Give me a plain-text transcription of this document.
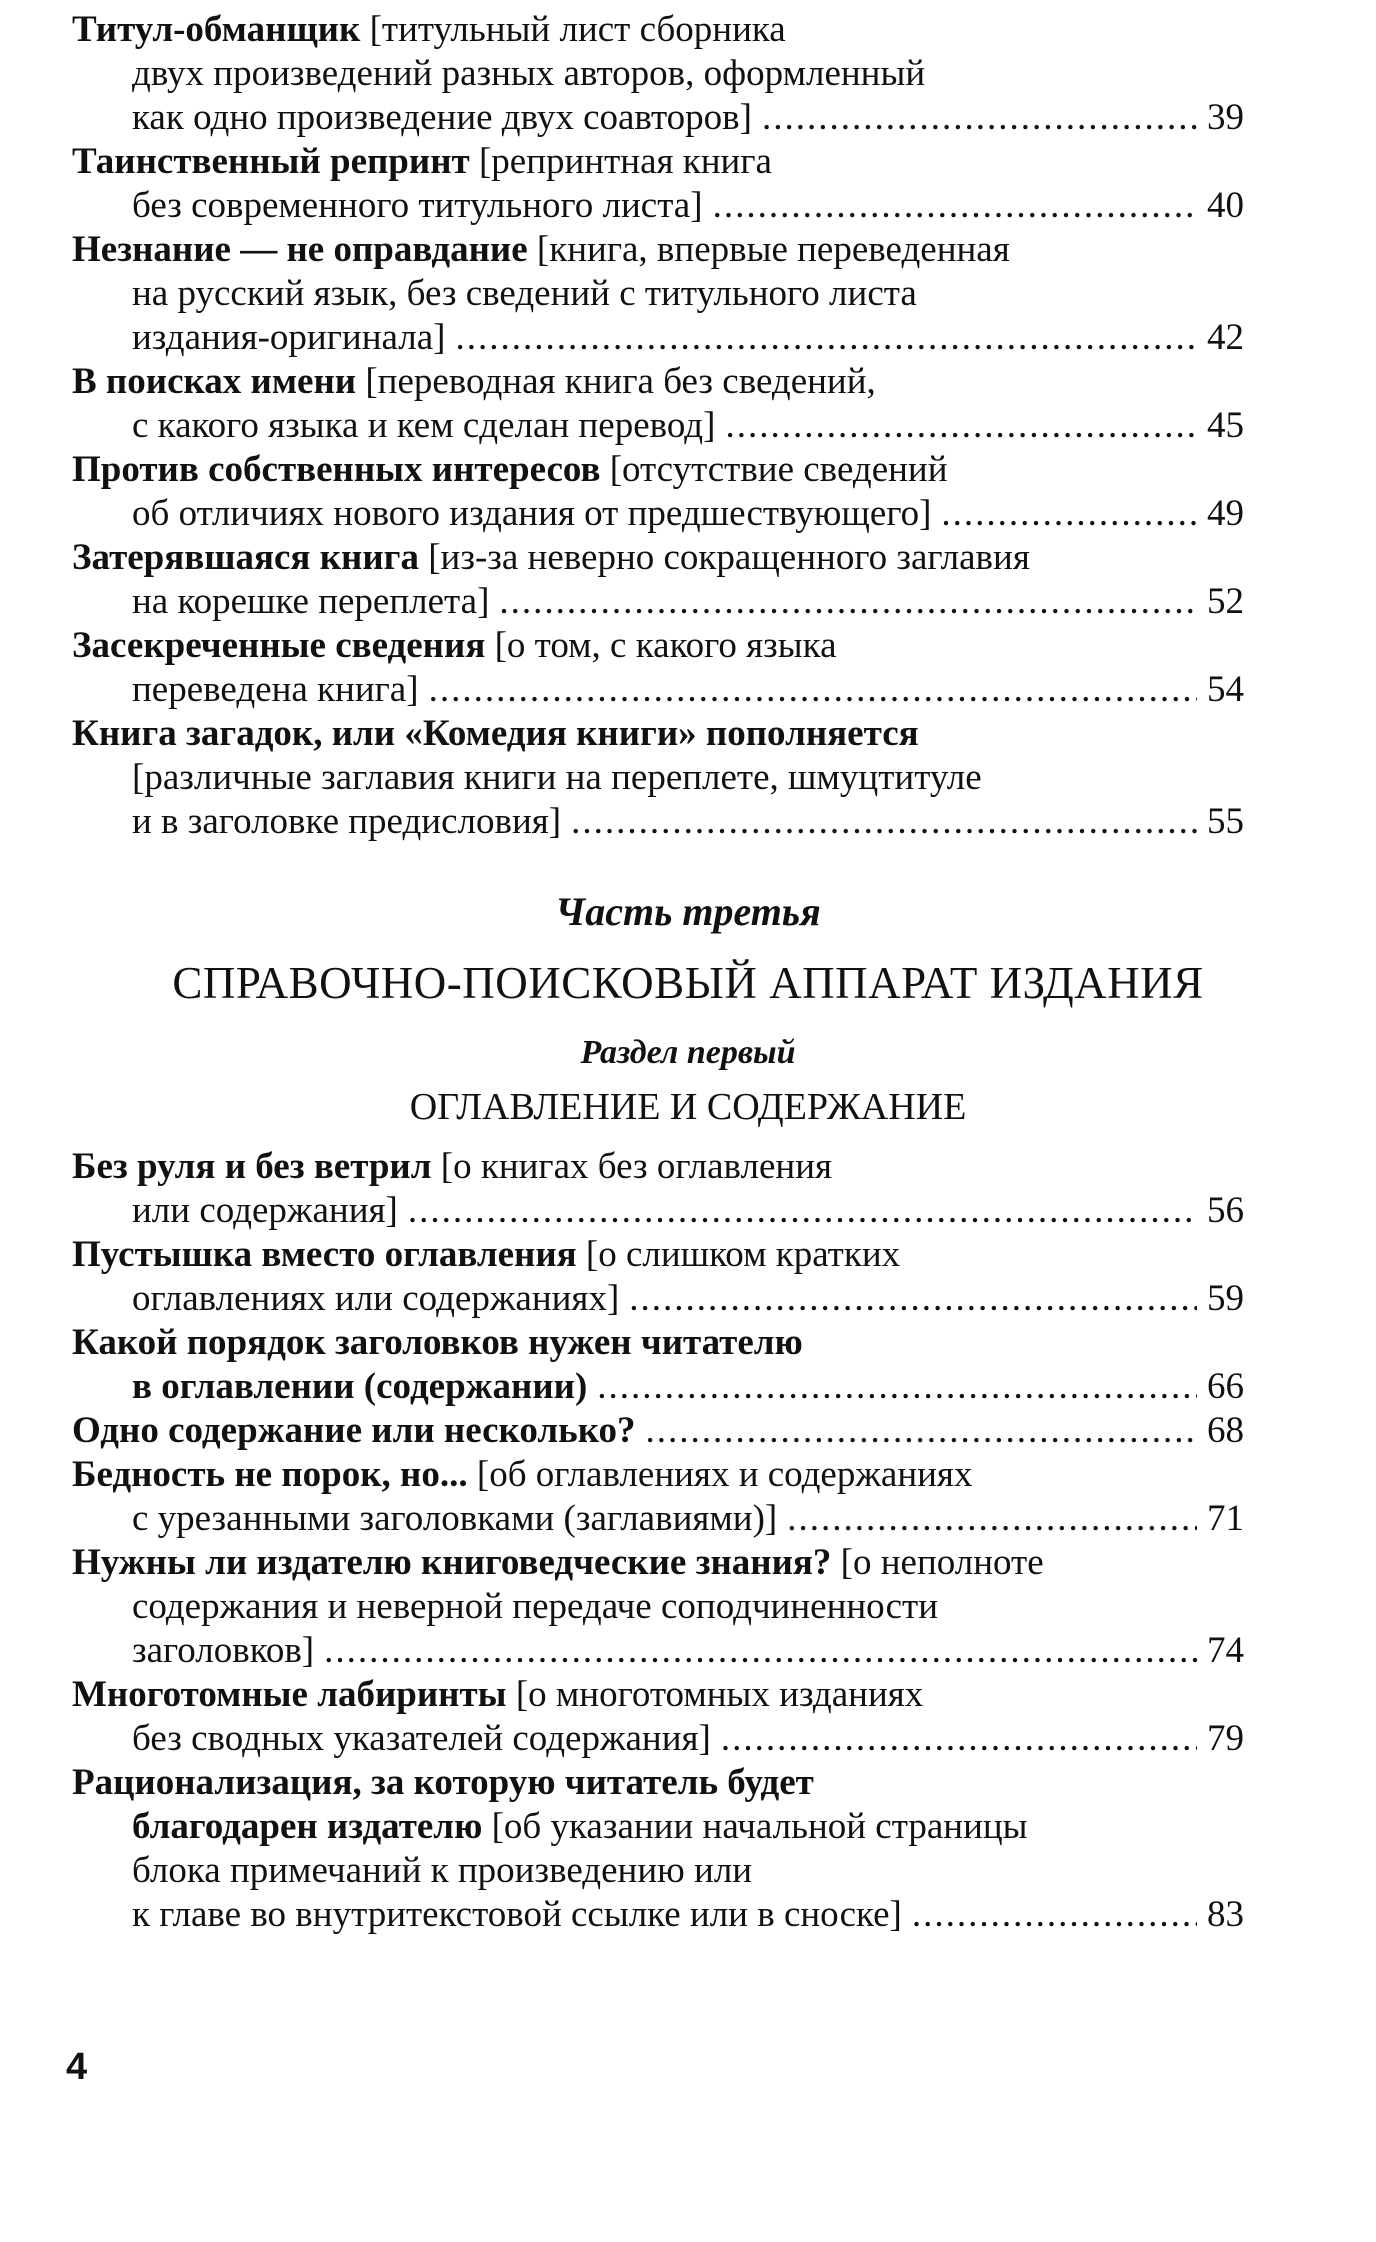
Титул-обманщик [титульный лист сборника
двух произведений разных авторов, оформленный
как одно произведение двух соавторов] .....	39
Таинственный репринт [репринтная книга
без современного титульного листа] .....	40
Незнание — не оправдание [книга, впервые переведенная
на русский язык, без сведений с титульного листа
издания-оригинала] .....	42
В поисках имени [переводная книга без сведений,
с какого языка и кем сделан перевод] .....	45
Против собственных интересов [отсутствие сведений
об отличиях нового издания от предшествующего] .....	49
Затерявшаяся книга [из-за неверно сокращенного заглавия
на корешке переплета] .....	52
Засекреченные сведения [о том, с какого языка
переведена книга] .....	54
Книга загадок, или «Комедия книги» пополняется
[различные заглавия книги на переплете, шмуцтитуле
и в заголовке предисловия] .....	55
Часть третья
СПРАВОЧНО-ПОИСКОВЫЙ АППАРАТ ИЗДАНИЯ
Раздел первый
ОГЛАВЛЕНИЕ И СОДЕРЖАНИЕ
Без руля и без ветрил [о книгах без оглавления
или содержания] .....	56
Пустышка вместо оглавления [о слишком кратких
оглавлениях или содержаниях] .....	59
Какой порядок заголовков нужен читателю
в оглавлении (содержании) .....	66
Одно содержание или несколько? .....	68
Бедность не порок, но... [об оглавлениях и содержаниях
с урезанными заголовками (заглавиями)] .....	71
Нужны ли издателю книговедческие знания? [о неполноте
содержания и неверной передаче соподчиненности
заголовков] .....	74
Многотомные лабиринты [о многотомных изданиях
без сводных указателей содержания] .....	79
Рационализация, за которую читатель будет
благодарен издателю [об указании начальной страницы
блока примечаний к произведению или
к главе во внутритекстовой ссылке или в сноске] .....	83
4
